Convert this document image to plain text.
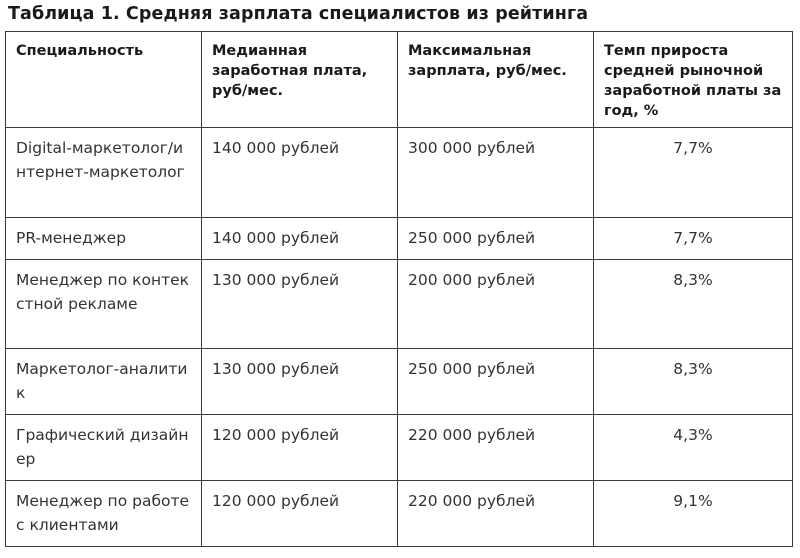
Таблица 1. Средняя зарплата специалистов из рейтинга
Специальность	Медианная заработная плата, руб/мес.	Максимальная зарплата, руб/мес.	Темп прироста средней рыночной заработной платы за год, %
Digital-маркетолог/интернет-маркетолог	140 000 рублей	300 000 рублей	7,7%
PR-менеджер	140 000 рублей	250 000 рублей	7,7%
Менеджер по контекстной рекламе	130 000 рублей	200 000 рублей	8,3%
Маркетолог-аналитик	130 000 рублей	250 000 рублей	8,3%
Графический дизайнер	120 000 рублей	220 000 рублей	4,3%
Менеджер по работе с клиентами	120 000 рублей	220 000 рублей	9,1%
